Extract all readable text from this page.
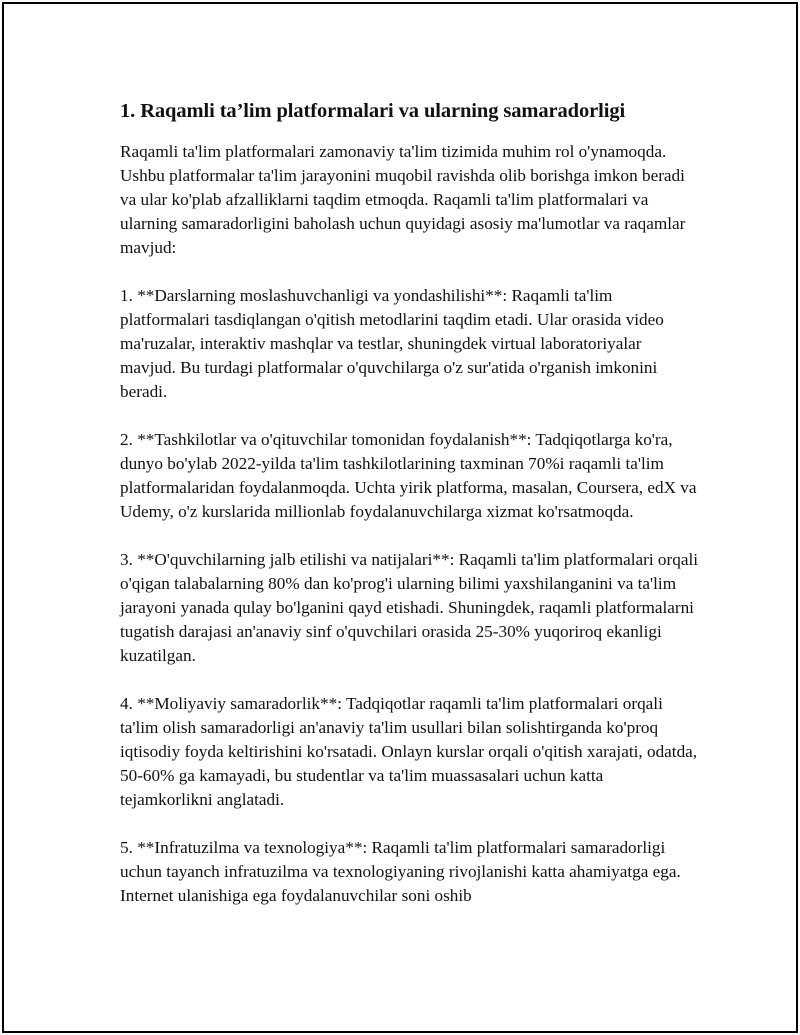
1. Raqamli ta’lim platformalari va ularning samaradorligi

Raqamli ta'lim platformalari zamonaviy ta'lim tizimida muhim rol o'ynamoqda. Ushbu platformalar ta'lim jarayonini muqobil ravishda olib borishga imkon beradi va ular ko'plab afzalliklarni taqdim etmoqda. Raqamli ta'lim platformalari va ularning samaradorligini baholash uchun quyidagi asosiy ma'lumotlar va raqamlar mavjud:

1. **Darslarning moslashuvchanligi va yondashilishi**: Raqamli ta'lim platformalari tasdiqlangan o'qitish metodlarini taqdim etadi. Ular orasida video ma'ruzalar, interaktiv mashqlar va testlar, shuningdek virtual laboratoriyalar mavjud. Bu turdagi platformalar o'quvchilarga o'z sur'atida o'rganish imkonini beradi.

2. **Tashkilotlar va o'qituvchilar tomonidan foydalanish**: Tadqiqotlarga ko'ra, dunyo bo'ylab 2022-yilda ta'lim tashkilotlarining taxminan 70%i raqamli ta'lim platformalaridan foydalanmoqda. Uchta yirik platforma, masalan, Coursera, edX va Udemy, o'z kurslarida millionlab foydalanuvchilarga xizmat ko'rsatmoqda.

3. **O'quvchilarning jalb etilishi va natijalari**: Raqamli ta'lim platformalari orqali o'qigan talabalarning 80% dan ko'prog'i ularning bilimi yaxshilanganini va ta'lim jarayoni yanada qulay bo'lganini qayd etishadi. Shuningdek, raqamli platformalarni tugatish darajasi an'anaviy sinf o'quvchilari orasida 25-30% yuqoriroq ekanligi kuzatilgan.

4. **Moliyaviy samaradorlik**: Tadqiqotlar raqamli ta'lim platformalari orqali ta'lim olish samaradorligi an'anaviy ta'lim usullari bilan solishtirganda ko'proq iqtisodiy foyda keltirishini ko'rsatadi. Onlayn kurslar orqali o'qitish xarajati, odatda, 50-60% ga kamayadi, bu studentlar va ta'lim muassasalari uchun katta tejamkorlikni anglatadi.

5. **Infratuzilma va texnologiya**: Raqamli ta'lim platformalari samaradorligi uchun tayanch infratuzilma va texnologiyaning rivojlanishi katta ahamiyatga ega. Internet ulanishiga ega foydalanuvchilar soni oshib
